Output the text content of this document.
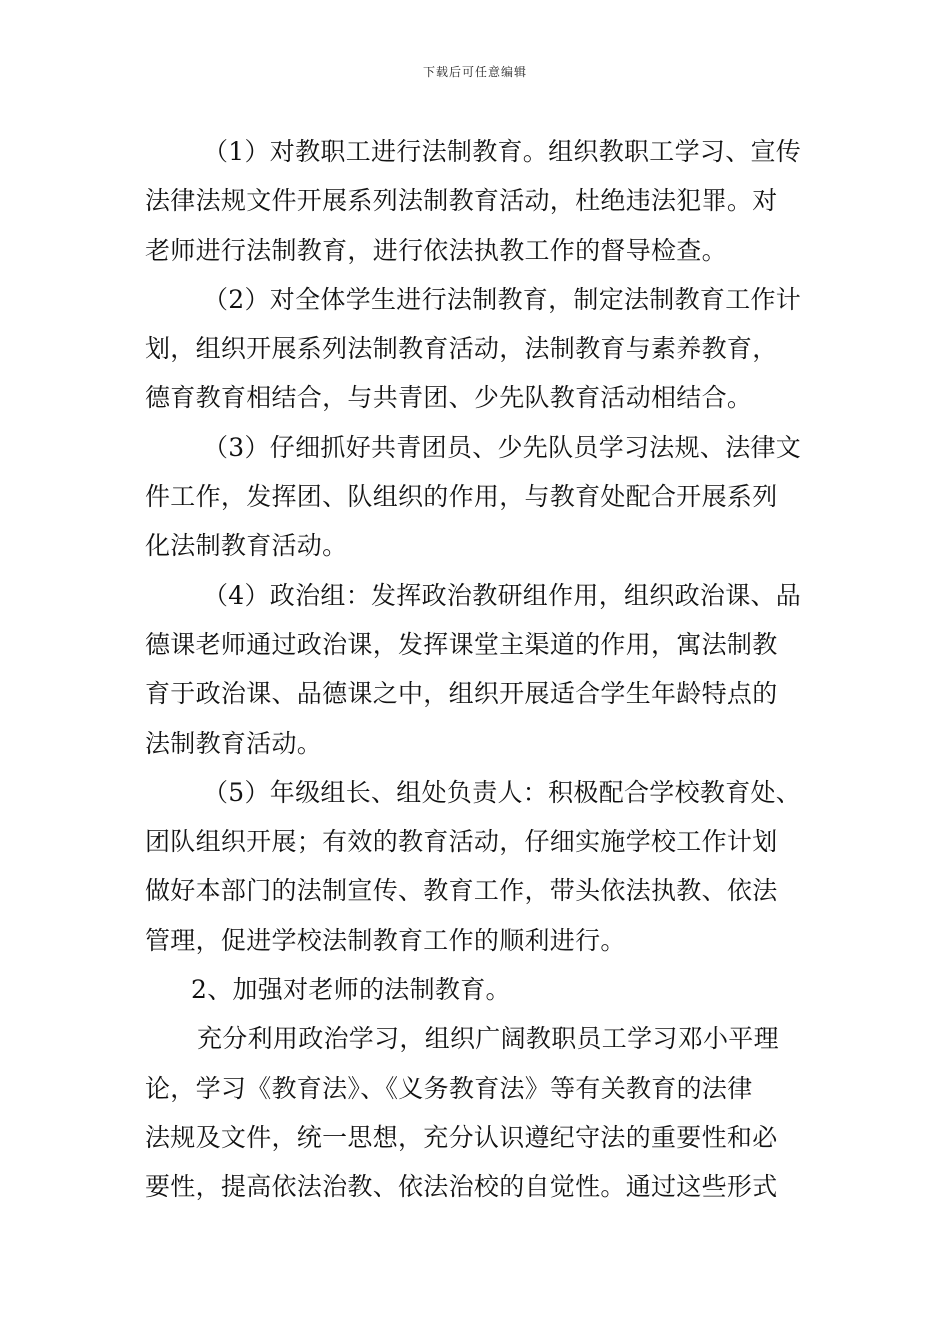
下载后可任意编辑
（1）对教职工进行法制教育。组织教职工学习、宣传
法律法规文件开展系列法制教育活动，杜绝违法犯罪。对
老师进行法制教育，进行依法执教工作的督导检查。
（2）对全体学生进行法制教育，制定法制教育工作计
划，组织开展系列法制教育活动，法制教育与素养教育，
德育教育相结合，与共青团、少先队教育活动相结合。
（3）仔细抓好共青团员、少先队员学习法规、法律文
件工作，发挥团、队组织的作用，与教育处配合开展系列
化法制教育活动。
（4）政治组：发挥政治教研组作用，组织政治课、品
德课老师通过政治课，发挥课堂主渠道的作用，寓法制教
育于政治课、品德课之中，组织开展适合学生年龄特点的
法制教育活动。
（5）年级组长、组处负责人：积极配合学校教育处、
团队组织开展；有效的教育活动，仔细实施学校工作计划
做好本部门的法制宣传、教育工作，带头依法执教、依法
管理，促进学校法制教育工作的顺利进行。
2、加强对老师的法制教育。
充分利用政治学习，组织广阔教职员工学习邓小平理
论，学习《教育法》、《义务教育法》等有关教育的法律
法规及文件，统一思想，充分认识遵纪守法的重要性和必
要性，提高依法治教、依法治校的自觉性。通过这些形式
